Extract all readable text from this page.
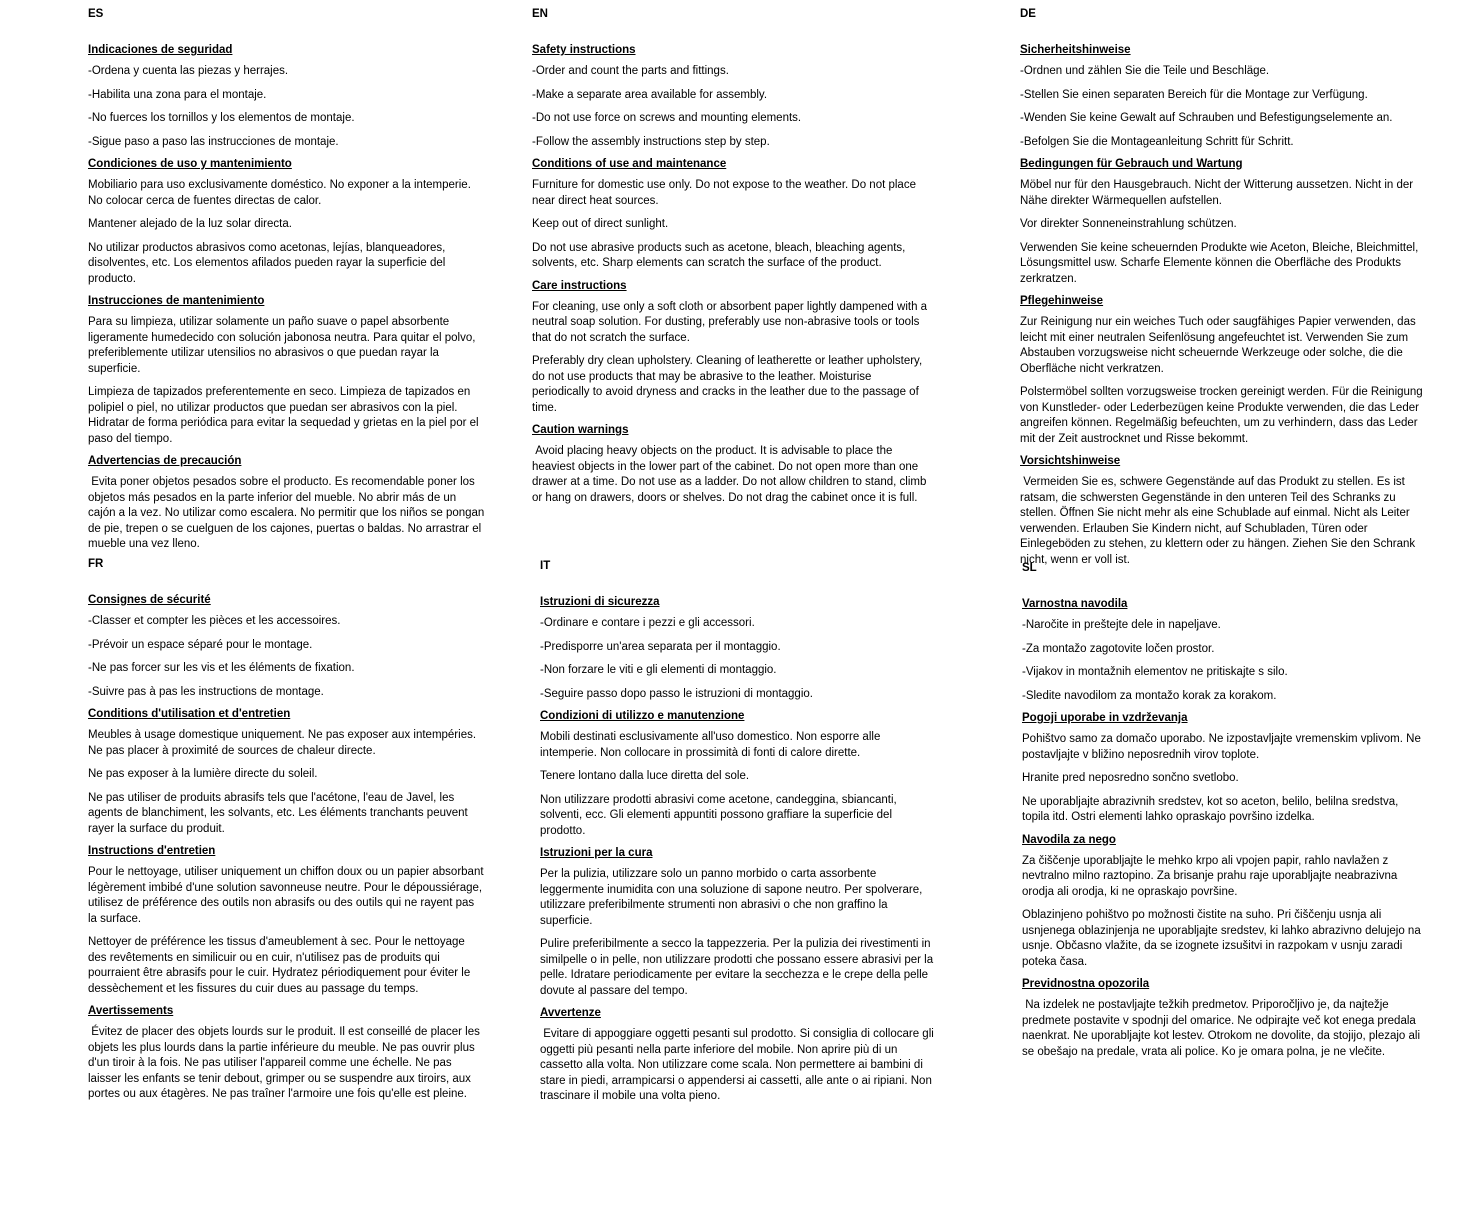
ES
Indicaciones de seguridad

-Ordena y cuenta las piezas y herrajes.

-Habilita una zona para el montaje.

-No fuerces los tornillos y los elementos de montaje.

-Sigue paso a paso las instrucciones de montaje.

Condiciones de uso y mantenimiento

Mobiliario para uso exclusivamente doméstico. No exponer a la intemperie. No colocar cerca de fuentes directas de calor.

Mantener alejado de la luz solar directa.

No utilizar productos abrasivos como acetonas, lejías, blanqueadores, disolventes, etc. Los elementos afilados pueden rayar la superficie del producto.

Instrucciones de mantenimiento

Para su limpieza, utilizar solamente un paño suave o papel absorbente ligeramente humedecido con solución jabonosa neutra. Para quitar el polvo, preferiblemente utilizar utensilios no abrasivos o que puedan rayar la superficie.

Limpieza de tapizados preferentemente en seco. Limpieza de tapizados en polipiel o piel, no utilizar productos que puedan ser abrasivos con la piel. Hidratar de forma periódica para evitar la sequedad y grietas en la piel por el paso del tiempo.

Advertencias de precaución

Evita poner objetos pesados sobre el producto. Es recomendable poner los objetos más pesados en la parte inferior del mueble. No abrir más de un cajón a la vez. No utilizar como escalera. No permitir que los niños se pongan de pie, trepen o se cuelguen de los cajones, puertas o baldas. No arrastrar el mueble una vez lleno.

EN
Safety instructions

-Order and count the parts and fittings.

-Make a separate area available for assembly.

-Do not use force on screws and mounting elements.

-Follow the assembly instructions step by step.

Conditions of use and maintenance

Furniture for domestic use only. Do not expose to the weather. Do not place near direct heat sources.

Keep out of direct sunlight.

Do not use abrasive products such as acetone, bleach, bleaching agents, solvents, etc. Sharp elements can scratch the surface of the product.

Care instructions

For cleaning, use only a soft cloth or absorbent paper lightly dampened with a neutral soap solution. For dusting, preferably use non-abrasive tools or tools that do not scratch the surface.

Preferably dry clean upholstery. Cleaning of leatherette or leather upholstery, do not use products that may be abrasive to the leather. Moisturise periodically to avoid dryness and cracks in the leather due to the passage of time.

Caution warnings

Avoid placing heavy objects on the product. It is advisable to place the heaviest objects in the lower part of the cabinet. Do not open more than one drawer at a time. Do not use as a ladder. Do not allow children to stand, climb or hang on drawers, doors or shelves. Do not drag the cabinet once it is full.

DE
Sicherheitshinweise

-Ordnen und zählen Sie die Teile und Beschläge.

-Stellen Sie einen separaten Bereich für die Montage zur Verfügung.

-Wenden Sie keine Gewalt auf Schrauben und Befestigungselemente an.

-Befolgen Sie die Montageanleitung Schritt für Schritt.

Bedingungen für Gebrauch und Wartung

Möbel nur für den Hausgebrauch. Nicht der Witterung aussetzen. Nicht in der Nähe direkter Wärmequellen aufstellen.

Vor direkter Sonneneinstrahlung schützen.

Verwenden Sie keine scheuernden Produkte wie Aceton, Bleiche, Bleichmittel, Lösungsmittel usw. Scharfe Elemente können die Oberfläche des Produkts zerkratzen.

Pflegehinweise

Zur Reinigung nur ein weiches Tuch oder saugfähiges Papier verwenden, das leicht mit einer neutralen Seifenlösung angefeuchtet ist. Verwenden Sie zum Abstauben vorzugsweise nicht scheuernde Werkzeuge oder solche, die die Oberfläche nicht verkratzen.

Polstermöbel sollten vorzugsweise trocken gereinigt werden. Für die Reinigung von Kunstleder- oder Lederbezügen keine Produkte verwenden, die das Leder angreifen können. Regelmäßig befeuchten, um zu verhindern, dass das Leder mit der Zeit austrocknet und Risse bekommt.

Vorsichtshinweise

Vermeiden Sie es, schwere Gegenstände auf das Produkt zu stellen. Es ist ratsam, die schwersten Gegenstände in den unteren Teil des Schranks zu stellen. Öffnen Sie nicht mehr als eine Schublade auf einmal. Nicht als Leiter verwenden. Erlauben Sie Kindern nicht, auf Schubladen, Türen oder Einlegeböden zu stehen, zu klettern oder zu hängen. Ziehen Sie den Schrank nicht, wenn er voll ist.

FR
Consignes de sécurité

-Classer et compter les pièces et les accessoires.

-Prévoir un espace séparé pour le montage.

-Ne pas forcer sur les vis et les éléments de fixation.

-Suivre pas à pas les instructions de montage.

Conditions d'utilisation et d'entretien

Meubles à usage domestique uniquement. Ne pas exposer aux intempéries. Ne pas placer à proximité de sources de chaleur directe.

Ne pas exposer à la lumière directe du soleil.

Ne pas utiliser de produits abrasifs tels que l'acétone, l'eau de Javel, les agents de blanchiment, les solvants, etc. Les éléments tranchants peuvent rayer la surface du produit.

Instructions d'entretien

Pour le nettoyage, utiliser uniquement un chiffon doux ou un papier absorbant légèrement imbibé d'une solution savonneuse neutre. Pour le dépoussiérage, utilisez de préférence des outils non abrasifs ou des outils qui ne rayent pas la surface.

Nettoyer de préférence les tissus d'ameublement à sec. Pour le nettoyage des revêtements en similicuir ou en cuir, n'utilisez pas de produits qui pourraient être abrasifs pour le cuir. Hydratez périodiquement pour éviter le dessèchement et les fissures du cuir dues au passage du temps.

Avertissements

Évitez de placer des objets lourds sur le produit. Il est conseillé de placer les objets les plus lourds dans la partie inférieure du meuble. Ne pas ouvrir plus d'un tiroir à la fois. Ne pas utiliser l'appareil comme une échelle. Ne pas laisser les enfants se tenir debout, grimper ou se suspendre aux tiroirs, aux portes ou aux étagères. Ne pas traîner l'armoire une fois qu'elle est pleine.

IT
Istruzioni di sicurezza

-Ordinare e contare i pezzi e gli accessori.

-Predisporre un'area separata per il montaggio.

-Non forzare le viti e gli elementi di montaggio.

-Seguire passo dopo passo le istruzioni di montaggio.

Condizioni di utilizzo e manutenzione

Mobili destinati esclusivamente all'uso domestico. Non esporre alle intemperie. Non collocare in prossimità di fonti di calore dirette.

Tenere lontano dalla luce diretta del sole.

Non utilizzare prodotti abrasivi come acetone, candeggina, sbiancanti, solventi, ecc. Gli elementi appuntiti possono graffiare la superficie del prodotto.

Istruzioni per la cura

Per la pulizia, utilizzare solo un panno morbido o carta assorbente leggermente inumidita con una soluzione di sapone neutro. Per spolverare, utilizzare preferibilmente strumenti non abrasivi o che non graffino la superficie.

Pulire preferibilmente a secco la tappezzeria. Per la pulizia dei rivestimenti in similpelle o in pelle, non utilizzare prodotti che possano essere abrasivi per la pelle. Idratare periodicamente per evitare la secchezza e le crepe della pelle dovute al passare del tempo.

Avvertenze

Evitare di appoggiare oggetti pesanti sul prodotto. Si consiglia di collocare gli oggetti più pesanti nella parte inferiore del mobile. Non aprire più di un cassetto alla volta. Non utilizzare come scala. Non permettere ai bambini di stare in piedi, arrampicarsi o appendersi ai cassetti, alle ante o ai ripiani. Non trascinare il mobile una volta pieno.

SL
Varnostna navodila

-Naročite in preštejte dele in napeljave.

-Za montažo zagotovite ločen prostor.

-Vijakov in montažnih elementov ne pritiskajte s silo.

-Sledite navodilom za montažo korak za korakom.

Pogoji uporabe in vzdrževanja

Pohištvo samo za domačo uporabo. Ne izpostavljajte vremenskim vplivom. Ne postavljajte v bližino neposrednih virov toplote.

Hranite pred neposredno sončno svetlobo.

Ne uporabljajte abrazivnih sredstev, kot so aceton, belilo, belilna sredstva, topila itd. Ostri elementi lahko opraskajo površino izdelka.

Navodila za nego

Za čiščenje uporabljajte le mehko krpo ali vpojen papir, rahlo navlažen z nevtralno milno raztopino. Za brisanje prahu raje uporabljajte neabrazivna orodja ali orodja, ki ne opraskajo površine.

Oblazinjeno pohištvo po možnosti čistite na suho. Pri čiščenju usnja ali usnjenega oblazinjenja ne uporabljajte sredstev, ki lahko abrazivno delujejo na usnje. Občasno vlažite, da se izognete izsušitvi in razpokam v usnju zaradi poteka časa.

Previdnostna opozorila

Na izdelek ne postavljajte težkih predmetov. Priporočljivo je, da najtežje predmete postavite v spodnji del omarice. Ne odpirajte več kot enega predala naenkrat. Ne uporabljajte kot lestev. Otrokom ne dovolite, da stojijo, plezajo ali se obešajo na predale, vrata ali police. Ko je omara polna, je ne vlečite.
